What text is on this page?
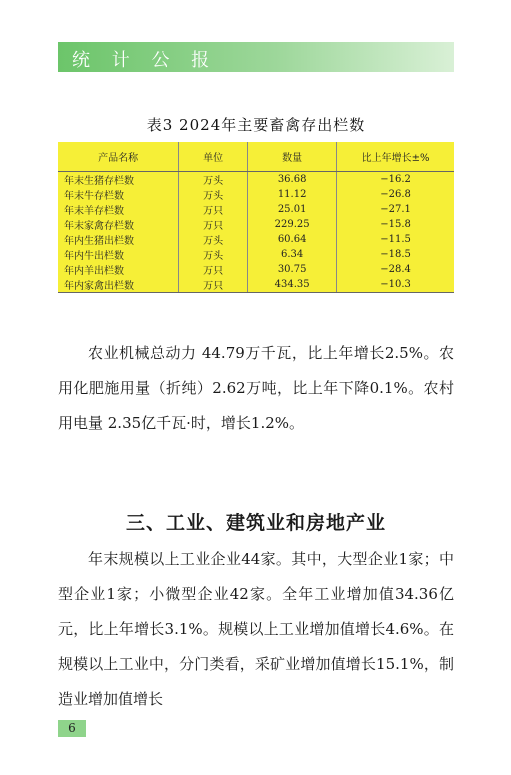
统 计 公 报
表3 2024年主要畜禽存出栏数
产品名称	单位	数量	比上年增长±%
年末生猪存栏数	万头	36.68	−16.2
年末牛存栏数	万头	11.12	−26.8
年末羊存栏数	万只	25.01	−27.1
年末家禽存栏数	万只	229.25	−15.8
年内生猪出栏数	万头	60.64	−11.5
年内牛出栏数	万头	6.34	−18.5
年内羊出栏数	万只	30.75	−28.4
年内家禽出栏数	万只	434.35	−10.3

农业机械总动力 44.79万千瓦，比上年增长2.5%。农用化肥施用量（折纯）2.62万吨，比上年下降0.1%。农村用电量 2.35亿千瓦·时，增长1.2%。

三、工业、建筑业和房地产业

年末规模以上工业企业44家。其中，大型企业1家；中型企业1家；小微型企业42家。全年工业增加值34.36亿元，比上年增长3.1%。规模以上工业增加值增长4.6%。在规模以上工业中，分门类看，采矿业增加值增长15.1%，制造业增加值增长

6
